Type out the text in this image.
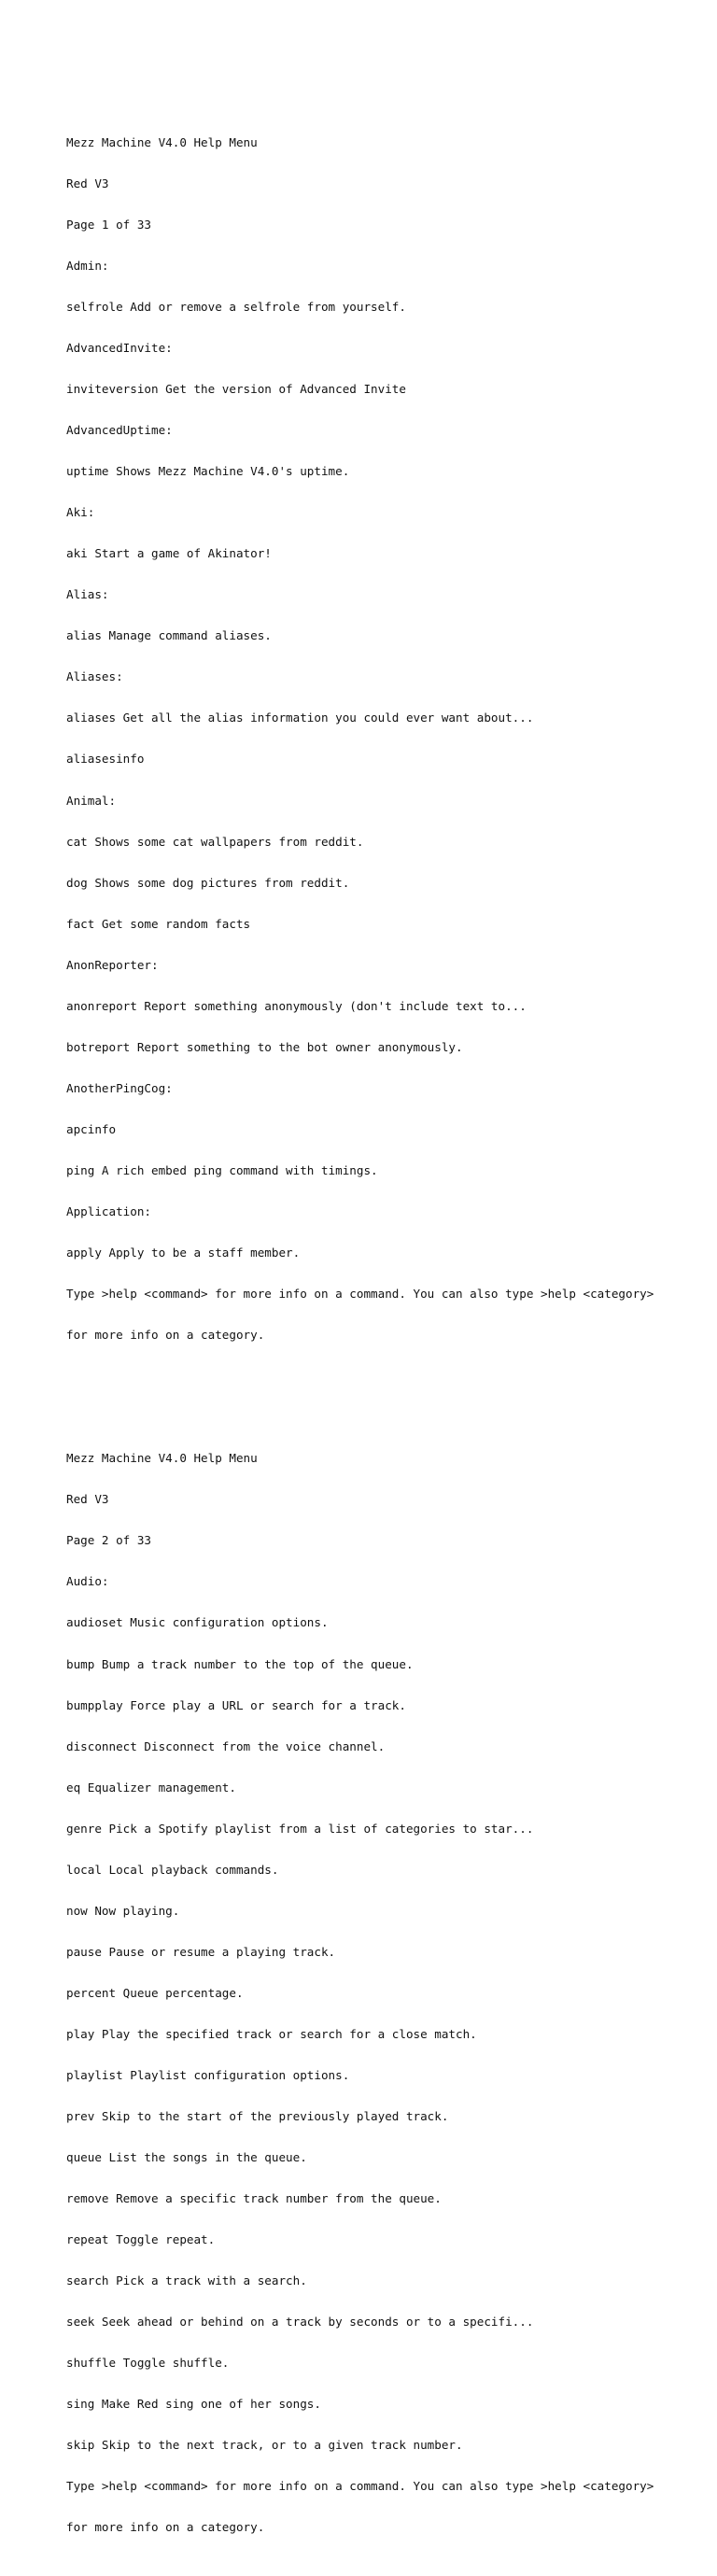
Mezz Machine V4.0 Help Menu

Red V3

Page 1 of 33

Admin:

selfrole Add or remove a selfrole from yourself.

AdvancedInvite:

inviteversion Get the version of Advanced Invite

AdvancedUptime:

uptime Shows Mezz Machine V4.0's uptime.

Aki:

aki Start a game of Akinator!

Alias:

alias Manage command aliases.

Aliases:

aliases Get all the alias information you could ever want about...

aliasesinfo

Animal:

cat Shows some cat wallpapers from reddit.

dog Shows some dog pictures from reddit.

fact Get some random facts

AnonReporter:

anonreport Report something anonymously (don't include text to...

botreport Report something to the bot owner anonymously.

AnotherPingCog:

apcinfo

ping A rich embed ping command with timings.

Application:

apply Apply to be a staff member.

Type >help <command> for more info on a command. You can also type >help <category>

for more info on a category.

Mezz Machine V4.0 Help Menu

Red V3

Page 2 of 33

Audio:

audioset Music configuration options.

bump Bump a track number to the top of the queue.

bumpplay Force play a URL or search for a track.

disconnect Disconnect from the voice channel.

eq Equalizer management.

genre Pick a Spotify playlist from a list of categories to star...

local Local playback commands.

now Now playing.

pause Pause or resume a playing track.

percent Queue percentage.

play Play the specified track or search for a close match.

playlist Playlist configuration options.

prev Skip to the start of the previously played track.

queue List the songs in the queue.

remove Remove a specific track number from the queue.

repeat Toggle repeat.

search Pick a track with a search.

seek Seek ahead or behind on a track by seconds or to a specifi...

shuffle Toggle shuffle.

sing Make Red sing one of her songs.

skip Skip to the next track, or to a given track number.

Type >help <command> for more info on a command. You can also type >help <category>

for more info on a category.
